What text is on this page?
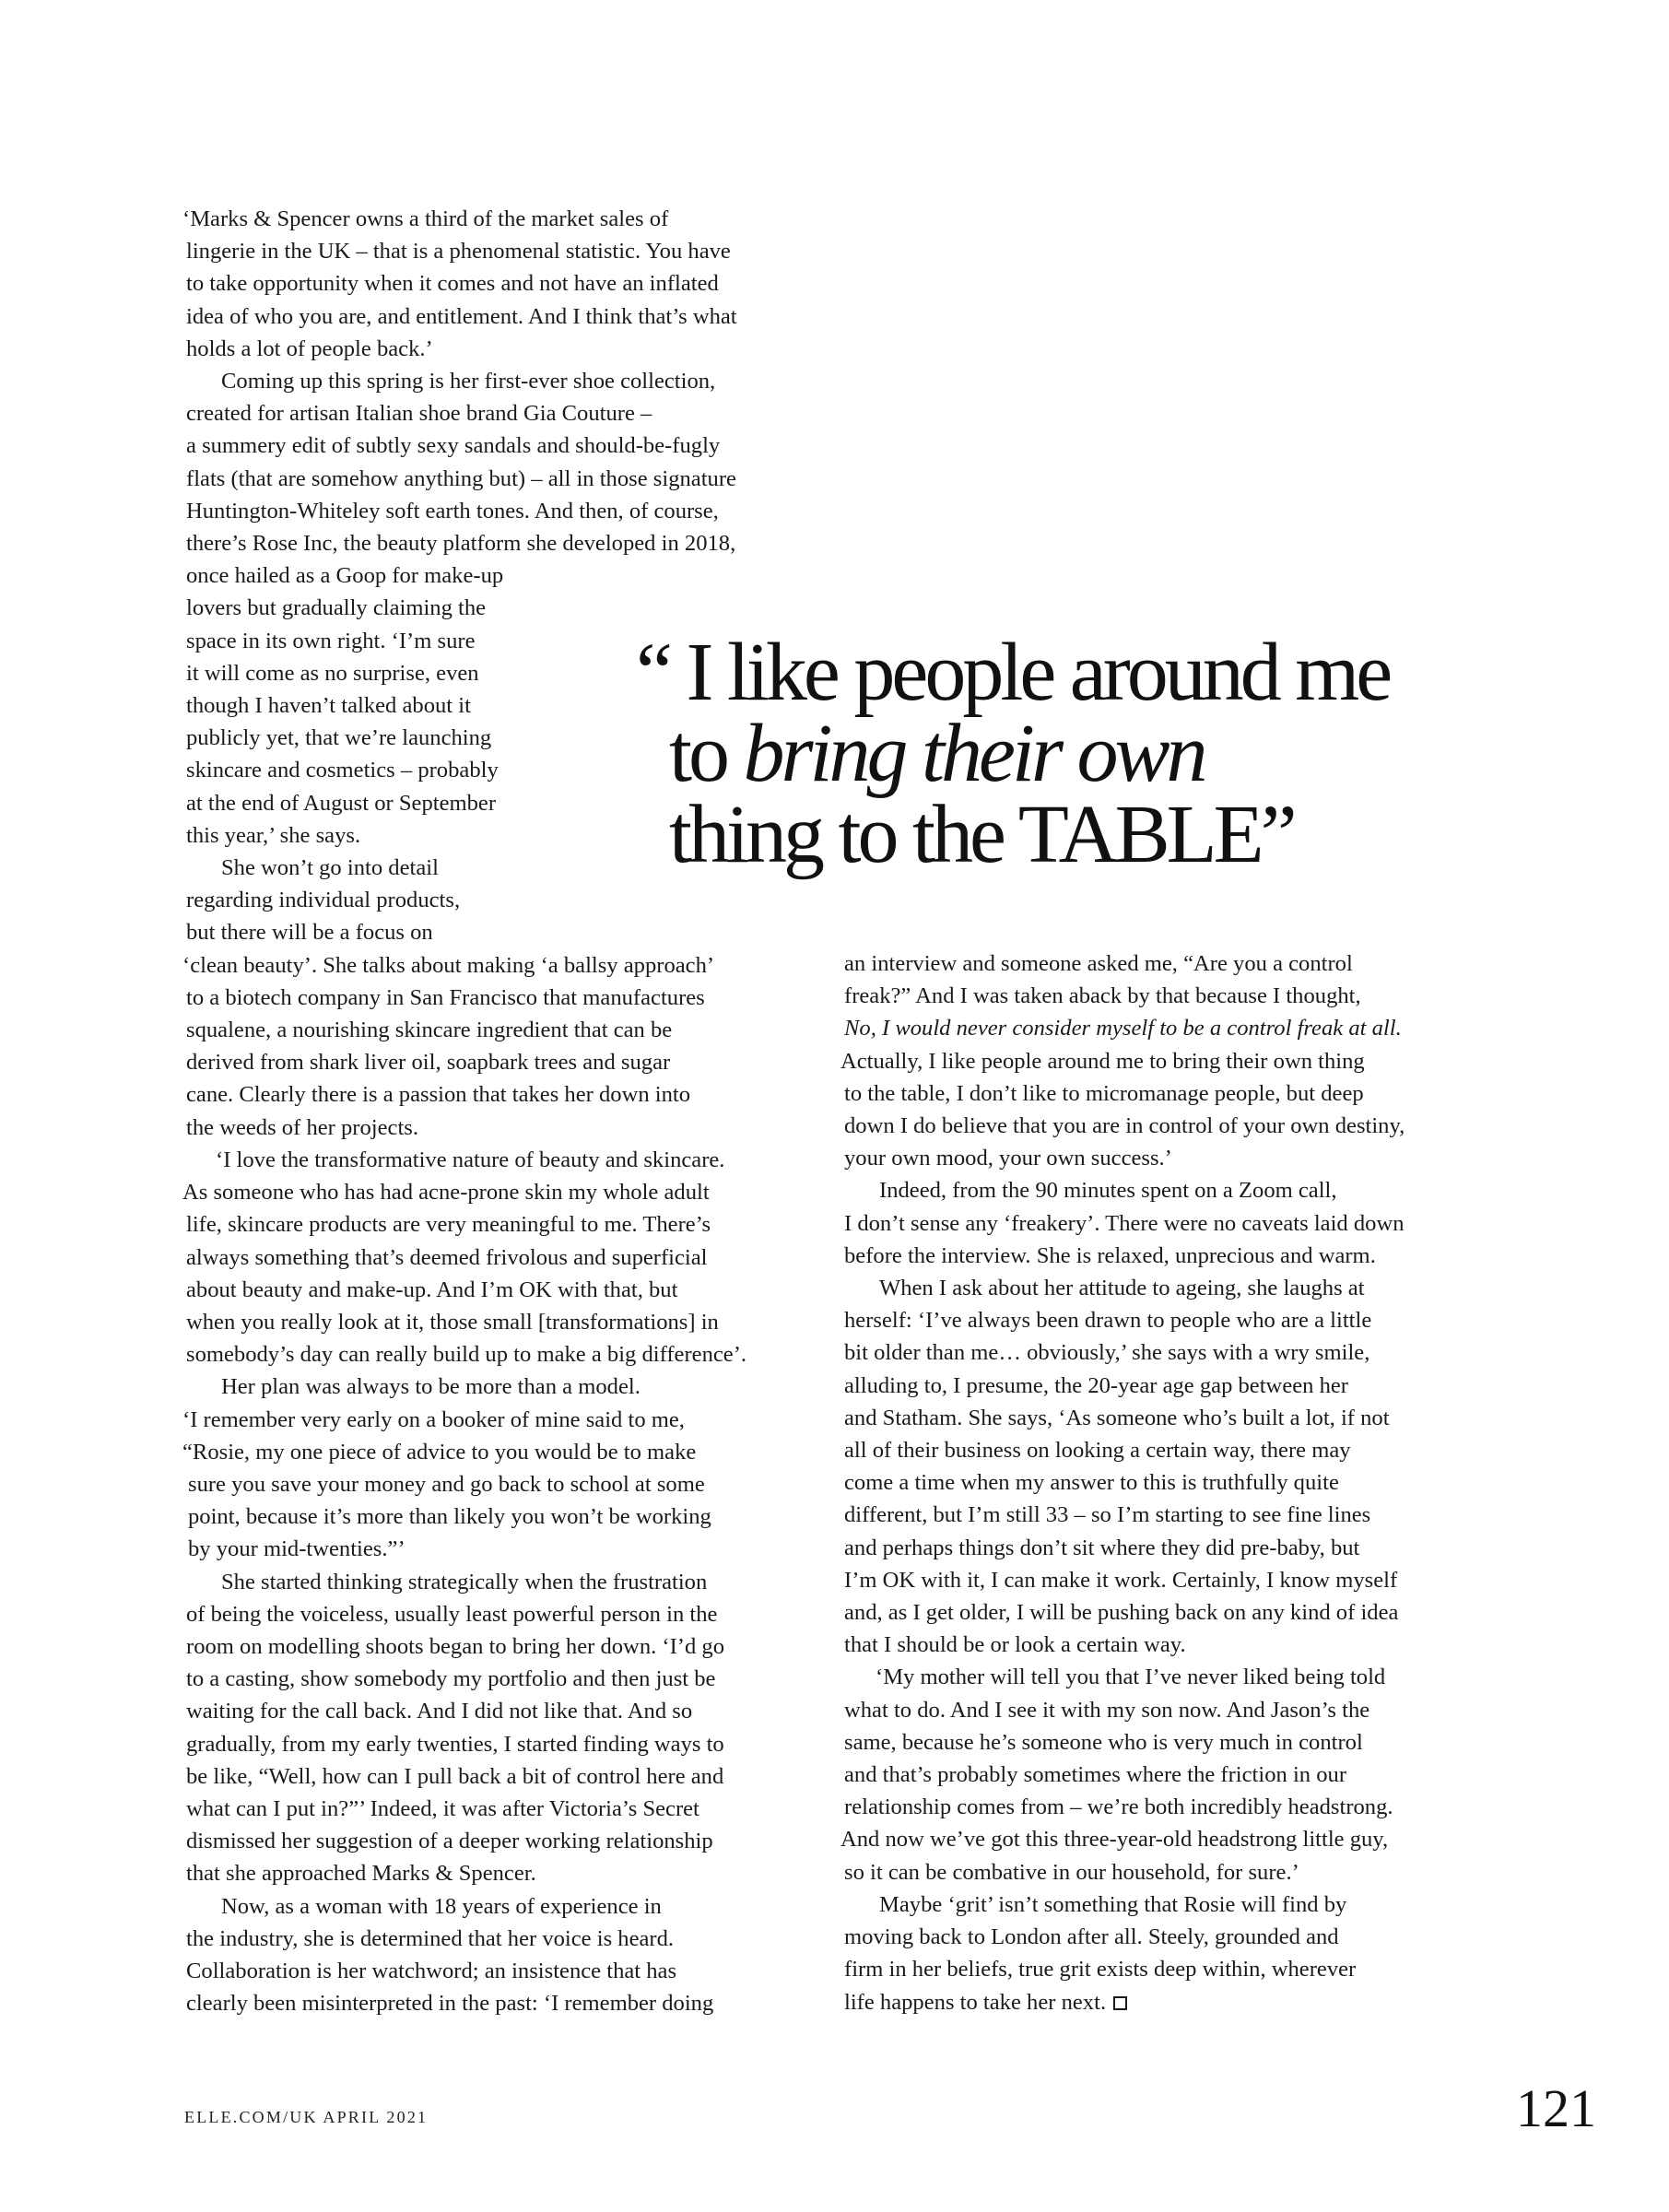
‘Marks & Spencer owns a third of the market sales of
lingerie in the UK – that is a phenomenal statistic. You have
to take opportunity when it comes and not have an inflated
idea of who you are, and entitlement. And I think that’s what
holds a lot of people back.’
Coming up this spring is her first-ever shoe collection,
created for artisan Italian shoe brand Gia Couture –
a summery edit of subtly sexy sandals and should-be-fugly
flats (that are somehow anything but) – all in those signature
Huntington-Whiteley soft earth tones. And then, of course,
there’s Rose Inc, the beauty platform she developed in 2018,
once hailed as a Goop for make-up
lovers but gradually claiming the
space in its own right. ‘I’m sure
it will come as no surprise, even
though I haven’t talked about it
publicly yet, that we’re launching
skincare and cosmetics – probably
at the end of August or September
this year,’ she says.
She won’t go into detail
regarding individual products,
but there will be a focus on
‘clean beauty’. She talks about making ‘a ballsy approach’
to a biotech company in San Francisco that manufactures
squalene, a nourishing skincare ingredient that can be
derived from shark liver oil, soapbark trees and sugar
cane. Clearly there is a passion that takes her down into
the weeds of her projects.
‘I love the transformative nature of beauty and skincare.
As someone who has had acne-prone skin my whole adult
life, skincare products are very meaningful to me. There’s
always something that’s deemed frivolous and superficial
about beauty and make-up. And I’m OK with that, but
when you really look at it, those small [transformations] in
somebody’s day can really build up to make a big difference’.
Her plan was always to be more than a model.
‘I remember very early on a booker of mine said to me,
“Rosie, my one piece of advice to you would be to make
sure you save your money and go back to school at some
point, because it’s more than likely you won’t be working
by your mid-twenties.”’
She started thinking strategically when the frustration
of being the voiceless, usually least powerful person in the
room on modelling shoots began to bring her down. ‘I’d go
to a casting, show somebody my portfolio and then just be
waiting for the call back. And I did not like that. And so
gradually, from my early twenties, I started finding ways to
be like, “Well, how can I pull back a bit of control here and
what can I put in?”’ Indeed, it was after Victoria’s Secret
dismissed her suggestion of a deeper working relationship
that she approached Marks & Spencer.
Now, as a woman with 18 years of experience in
the industry, she is determined that her voice is heard.
Collaboration is her watchword; an insistence that has
clearly been misinterpreted in the past: ‘I remember doing
“ I like people around me
to bring their own
thing to the TABLE”
an interview and someone asked me, “Are you a control
freak?” And I was taken aback by that because I thought,
No, I would never consider myself to be a control freak at all.
Actually, I like people around me to bring their own thing
to the table, I don’t like to micromanage people, but deep
down I do believe that you are in control of your own destiny,
your own mood, your own success.’
Indeed, from the 90 minutes spent on a Zoom call,
I don’t sense any ‘freakery’. There were no caveats laid down
before the interview. She is relaxed, unprecious and warm.
When I ask about her attitude to ageing, she laughs at
herself: ‘I’ve always been drawn to people who are a little
bit older than me… obviously,’ she says with a wry smile,
alluding to, I presume, the 20-year age gap between her
and Statham. She says, ‘As someone who’s built a lot, if not
all of their business on looking a certain way, there may
come a time when my answer to this is truthfully quite
different, but I’m still 33 – so I’m starting to see fine lines
and perhaps things don’t sit where they did pre-baby, but
I’m OK with it, I can make it work. Certainly, I know myself
and, as I get older, I will be pushing back on any kind of idea
that I should be or look a certain way.
‘My mother will tell you that I’ve never liked being told
what to do. And I see it with my son now. And Jason’s the
same, because he’s someone who is very much in control
and that’s probably sometimes where the friction in our
relationship comes from – we’re both incredibly headstrong.
And now we’ve got this three-year-old headstrong little guy,
so it can be combative in our household, for sure.’
Maybe ‘grit’ isn’t something that Rosie will find by
moving back to London after all. Steely, grounded and
firm in her beliefs, true grit exists deep within, wherever
life happens to take her next.
ELLE.COM/UK APRIL 2021	121
